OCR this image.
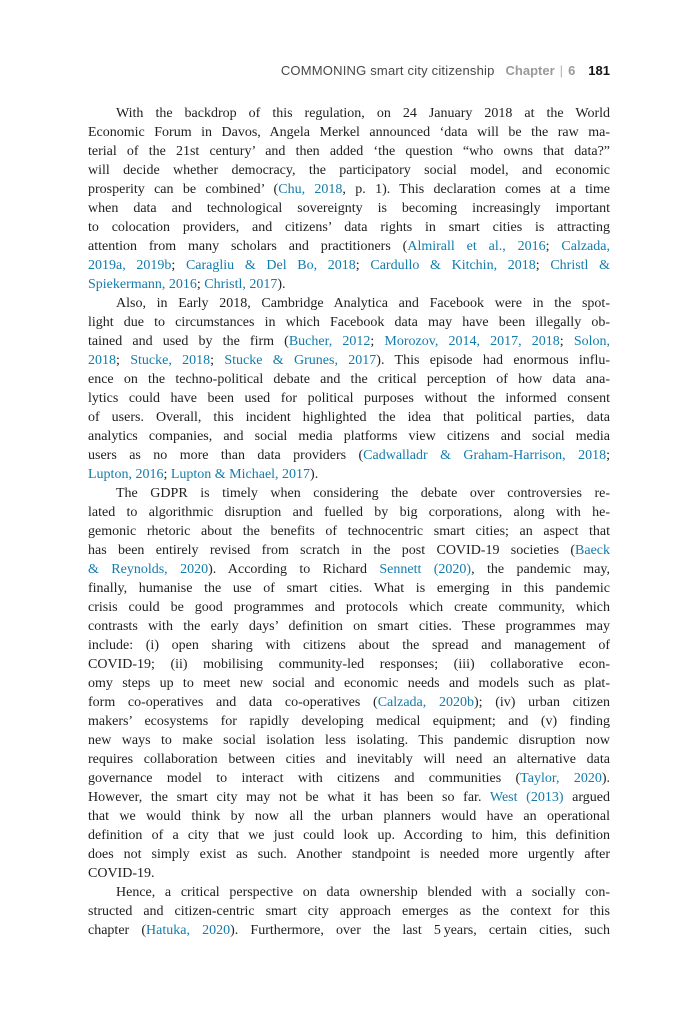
COMMONING smart city citizenship Chapter | 6 181
With the backdrop of this regulation, on 24 January 2018 at the World
Economic Forum in Davos, Angela Merkel announced ‘data will be the raw ma-
terial of the 21st century’ and then added ‘the question “who owns that data?”
will decide whether democracy, the participatory social model, and economic
prosperity can be combined’ (Chu, 2018, p. 1). This declaration comes at a time
when data and technological sovereignty is becoming increasingly important
to colocation providers, and citizens’ data rights in smart cities is attracting
attention from many scholars and practitioners (Almirall et al., 2016; Calzada,
2019a, 2019b; Caragliu & Del Bo, 2018; Cardullo & Kitchin, 2018; Christl &
Spiekermann, 2016; Christl, 2017).
Also, in Early 2018, Cambridge Analytica and Facebook were in the spot-
light due to circumstances in which Facebook data may have been illegally ob-
tained and used by the firm (Bucher, 2012; Morozov, 2014, 2017, 2018; Solon,
2018; Stucke, 2018; Stucke & Grunes, 2017). This episode had enormous influ-
ence on the techno-political debate and the critical perception of how data ana-
lytics could have been used for political purposes without the informed consent
of users. Overall, this incident highlighted the idea that political parties, data
analytics companies, and social media platforms view citizens and social media
users as no more than data providers (Cadwalladr & Graham-Harrison, 2018;
Lupton, 2016; Lupton & Michael, 2017).
The GDPR is timely when considering the debate over controversies re-
lated to algorithmic disruption and fuelled by big corporations, along with he-
gemonic rhetoric about the benefits of technocentric smart cities; an aspect that
has been entirely revised from scratch in the post COVID-19 societies (Baeck
& Reynolds, 2020). According to Richard Sennett (2020), the pandemic may,
finally, humanise the use of smart cities. What is emerging in this pandemic
crisis could be good programmes and protocols which create community, which
contrasts with the early days’ definition on smart cities. These programmes may
include: (i) open sharing with citizens about the spread and management of
COVID-19; (ii) mobilising community-led responses; (iii) collaborative econ-
omy steps up to meet new social and economic needs and models such as plat-
form co-operatives and data co-operatives (Calzada, 2020b); (iv) urban citizen
makers’ ecosystems for rapidly developing medical equipment; and (v) finding
new ways to make social isolation less isolating. This pandemic disruption now
requires collaboration between cities and inevitably will need an alternative data
governance model to interact with citizens and communities (Taylor, 2020).
However, the smart city may not be what it has been so far. West (2013) argued
that we would think by now all the urban planners would have an operational
definition of a city that we just could look up. According to him, this definition
does not simply exist as such. Another standpoint is needed more urgently after
COVID-19.
Hence, a critical perspective on data ownership blended with a socially con-
structed and citizen-centric smart city approach emerges as the context for this
chapter (Hatuka, 2020). Furthermore, over the last 5 years, certain cities, such
